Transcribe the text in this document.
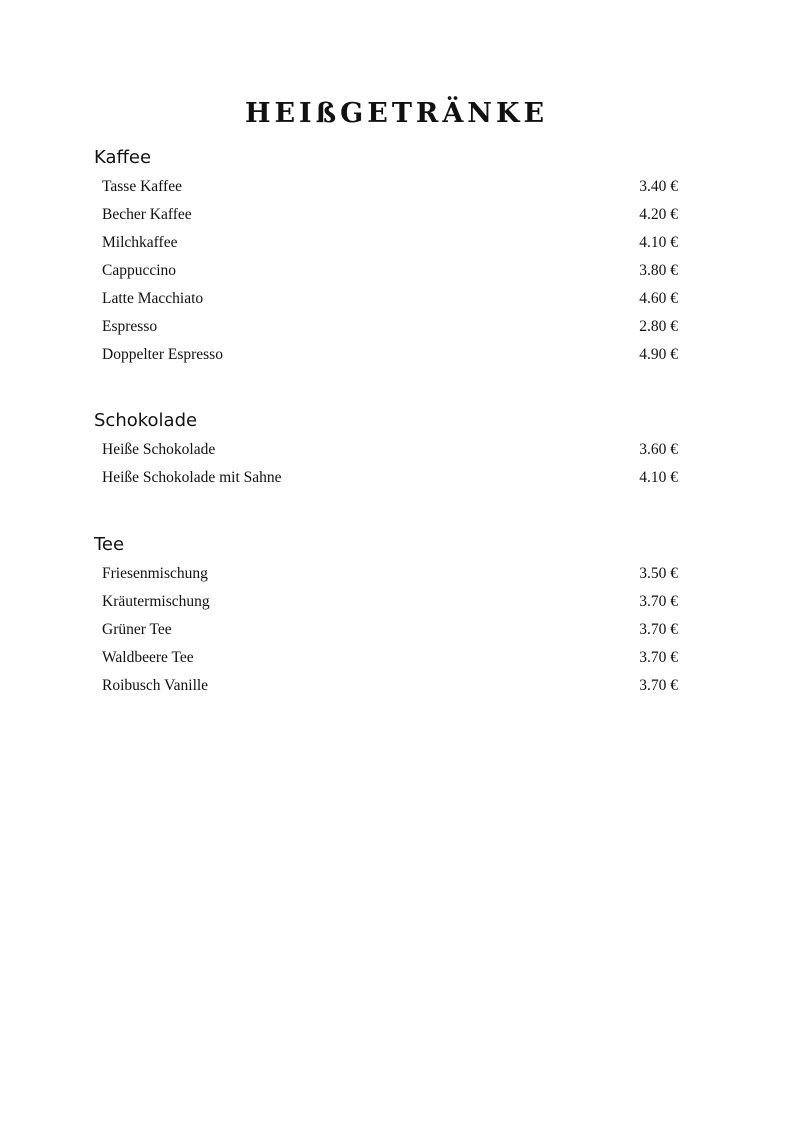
HEIßGETRÄNKE
Kaffee
Tasse Kaffee	3.40 €
Becher Kaffee	4.20 €
Milchkaffee	4.10 €
Cappuccino	3.80 €
Latte Macchiato	4.60 €
Espresso	2.80 €
Doppelter Espresso	4.90 €
Schokolade
Heiße Schokolade	3.60 €
Heiße Schokolade mit Sahne	4.10 €
Tee
Friesenmischung	3.50 €
Kräutermischung	3.70 €
Grüner Tee	3.70 €
Waldbeere Tee	3.70 €
Roibusch Vanille	3.70 €
